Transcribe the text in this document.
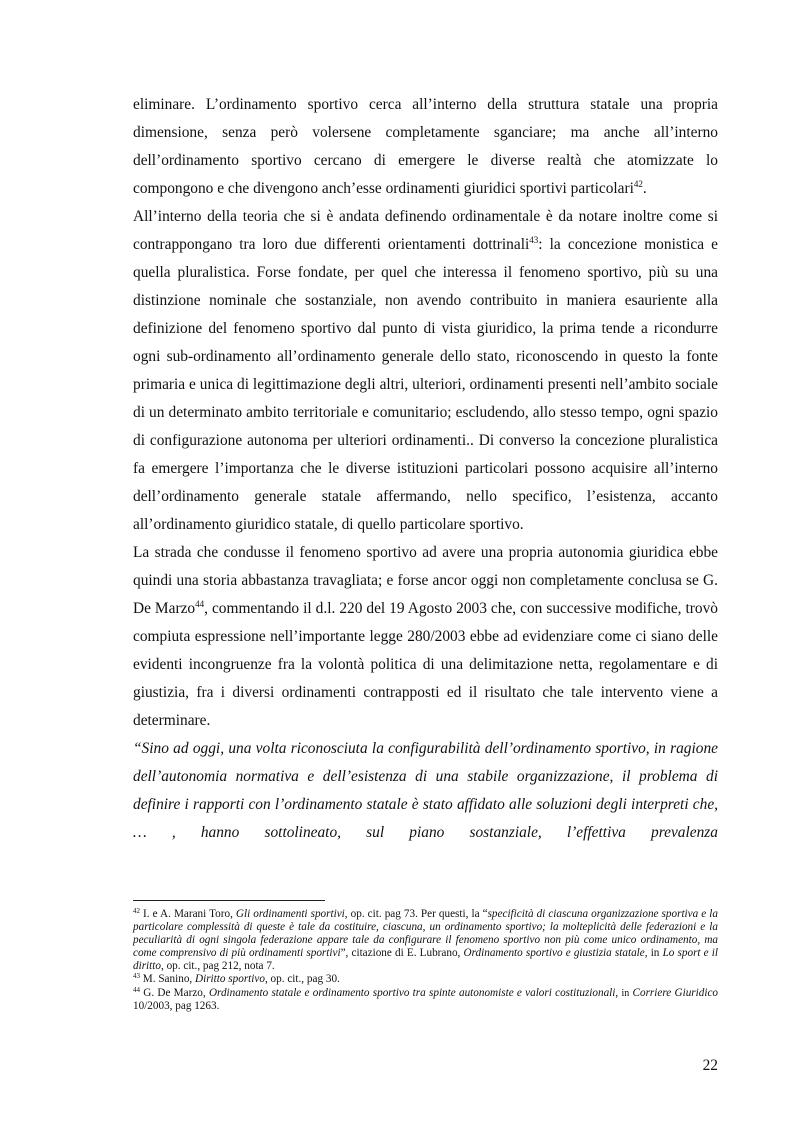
eliminare. L’ordinamento sportivo cerca all’interno della struttura statale una propria dimensione, senza però volersene completamente sganciare; ma anche all’interno dell’ordinamento sportivo cercano di emergere le diverse realtà che atomizzate lo compongono e che divengono anch’esse ordinamenti giuridici sportivi particolari$^{42}$.

All’interno della teoria che si è andata definendo ordinamentale è da notare inoltre come si contrappongano tra loro due differenti orientamenti dottrinali$^{43}$: la concezione monistica e quella pluralistica. Forse fondate, per quel che interessa il fenomeno sportivo, più su una distinzione nominale che sostanziale, non avendo contribuito in maniera esauriente alla definizione del fenomeno sportivo dal punto di vista giuridico, la prima tende a ricondurre ogni sub-ordinamento all’ordinamento generale dello stato, riconoscendo in questo la fonte primaria e unica di legittimazione degli altri, ulteriori, ordinamenti presenti nell’ambito sociale di un determinato ambito territoriale e comunitario; escludendo, allo stesso tempo, ogni spazio di configurazione autonoma per ulteriori ordinamenti.. Di converso la concezione pluralistica fa emergere l’importanza che le diverse istituzioni particolari possono acquisire all’interno dell’ordinamento generale statale affermando, nello specifico, l’esistenza, accanto all’ordinamento giuridico statale, di quello particolare sportivo.

La strada che condusse il fenomeno sportivo ad avere una propria autonomia giuridica ebbe quindi una storia abbastanza travagliata; e forse ancor oggi non completamente conclusa se G. De Marzo$^{44}$, commentando il d.l. 220 del 19 Agosto 2003 che, con successive modifiche, trovò compiuta espressione nell’importante legge 280/2003 ebbe ad evidenziare come ci siano delle evidenti incongruenze fra la volontà politica di una delimitazione netta, regolamentare e di giustizia, fra i diversi ordinamenti contrapposti ed il risultato che tale intervento viene a determinare.

“Sino ad oggi, una volta riconosciuta la configurabilità dell’ordinamento sportivo, in ragione dell’autonomia normativa e dell’esistenza di una stabile organizzazione, il problema di definire i rapporti con l’ordinamento statale è stato affidato alle soluzioni degli interpreti che, … , hanno sottolineato, sul piano sostanziale, l’effettiva prevalenza

$^{42}$ I. e A. Marani Toro, Gli ordinamenti sportivi, op. cit. pag 73. Per questi, la “specificità di ciascuna organizzazione sportiva e la particolare complessità di queste è tale da costituire, ciascuna, un ordinamento sportivo; la molteplicità delle federazioni e la peculiarità di ogni singola federazione appare tale da configurare il fenomeno sportivo non più come unico ordinamento, ma come comprensivo di più ordinamenti sportivi”, citazione di E. Lubrano, Ordinamento sportivo e giustizia statale, in Lo sport e il diritto, op. cit., pag 212, nota 7.

$^{43}$ M. Sanino, Diritto sportivo, op. cit., pag 30.

$^{44}$ G. De Marzo, Ordinamento statale e ordinamento sportivo tra spinte autonomiste e valori costituzionali, in Corriere Giuridico 10/2003, pag 1263.

22
